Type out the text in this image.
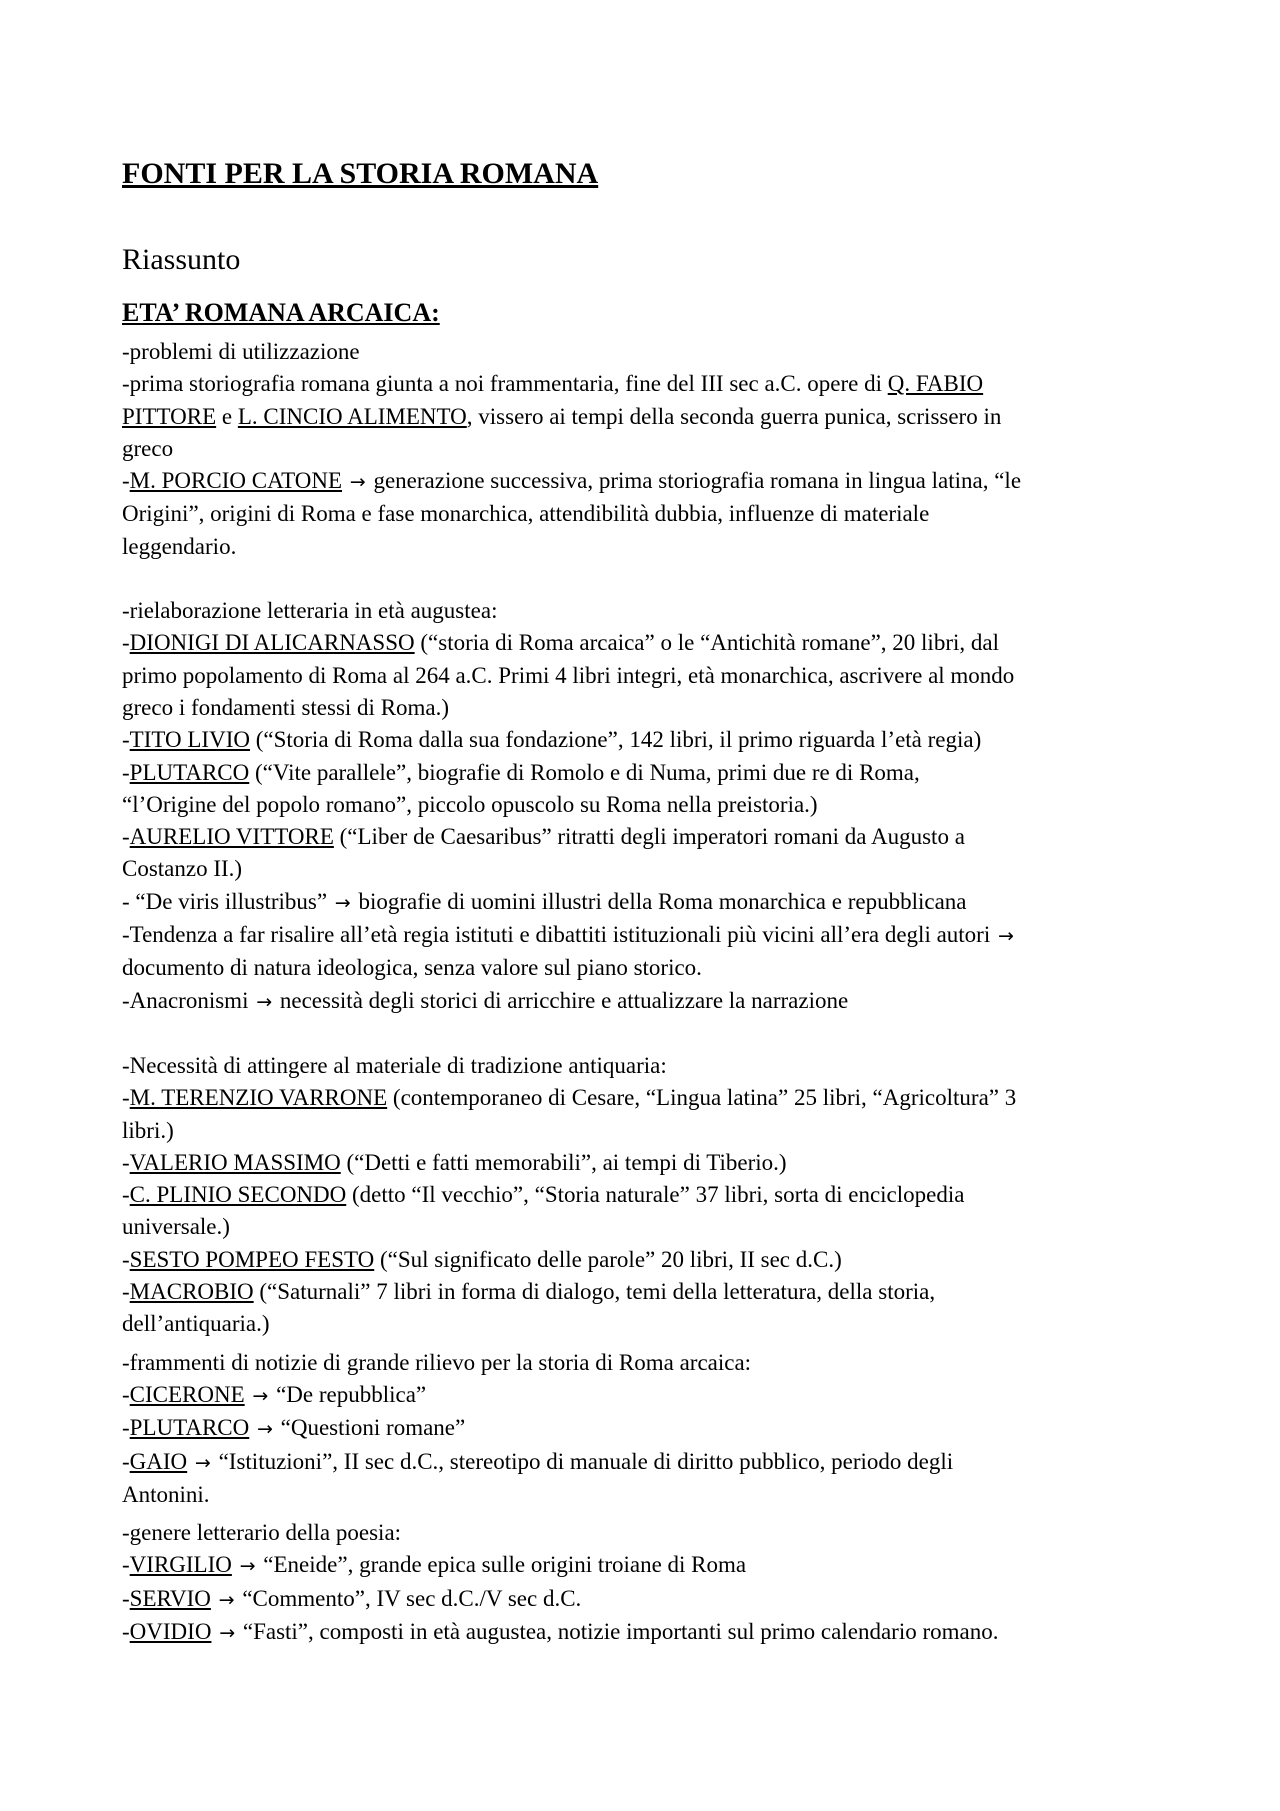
FONTI PER LA STORIA ROMANA
Riassunto
ETA’ ROMANA ARCAICA:
-problemi di utilizzazione
-prima storiografia romana giunta a noi frammentaria, fine del III sec a.C. opere di Q. FABIO
PITTORE e L. CINCIO ALIMENTO, vissero ai tempi della seconda guerra punica, scrissero in
greco
-M. PORCIO CATONE → generazione successiva, prima storiografia romana in lingua latina, “le
Origini”, origini di Roma e fase monarchica, attendibilità dubbia, influenze di materiale
leggendario.
-rielaborazione letteraria in età augustea:
-DIONIGI DI ALICARNASSO (“storia di Roma arcaica” o le “Antichità romane”, 20 libri, dal
primo popolamento di Roma al 264 a.C. Primi 4 libri integri, età monarchica, ascrivere al mondo
greco i fondamenti stessi di Roma.)
-TITO LIVIO (“Storia di Roma dalla sua fondazione”, 142 libri, il primo riguarda l’età regia)
-PLUTARCO (“Vite parallele”, biografie di Romolo e di Numa, primi due re di Roma,
“l’Origine del popolo romano”, piccolo opuscolo su Roma nella preistoria.)
-AURELIO VITTORE (“Liber de Caesaribus” ritratti degli imperatori romani da Augusto a
Costanzo II.)
- “De viris illustribus” → biografie di uomini illustri della Roma monarchica e repubblicana
-Tendenza a far risalire all’età regia istituti e dibattiti istituzionali più vicini all’era degli autori →
documento di natura ideologica, senza valore sul piano storico.
-Anacronismi → necessità degli storici di arricchire e attualizzare la narrazione
-Necessità di attingere al materiale di tradizione antiquaria:
-M. TERENZIO VARRONE (contemporaneo di Cesare, “Lingua latina” 25 libri, “Agricoltura” 3
libri.)
-VALERIO MASSIMO (“Detti e fatti memorabili”, ai tempi di Tiberio.)
-C. PLINIO SECONDO (detto “Il vecchio”, “Storia naturale” 37 libri, sorta di enciclopedia
universale.)
-SESTO POMPEO FESTO (“Sul significato delle parole” 20 libri, II sec d.C.)
-MACROBIO (“Saturnali” 7 libri in forma di dialogo, temi della letteratura, della storia,
dell’antiquaria.)
-frammenti di notizie di grande rilievo per la storia di Roma arcaica:
-CICERONE → “De repubblica”
-PLUTARCO → “Questioni romane”
-GAIO → “Istituzioni”, II sec d.C., stereotipo di manuale di diritto pubblico, periodo degli
Antonini.
-genere letterario della poesia:
-VIRGILIO → “Eneide”, grande epica sulle origini troiane di Roma
-SERVIO → “Commento”, IV sec d.C./V sec d.C.
-OVIDIO → “Fasti”, composti in età augustea, notizie importanti sul primo calendario romano.
